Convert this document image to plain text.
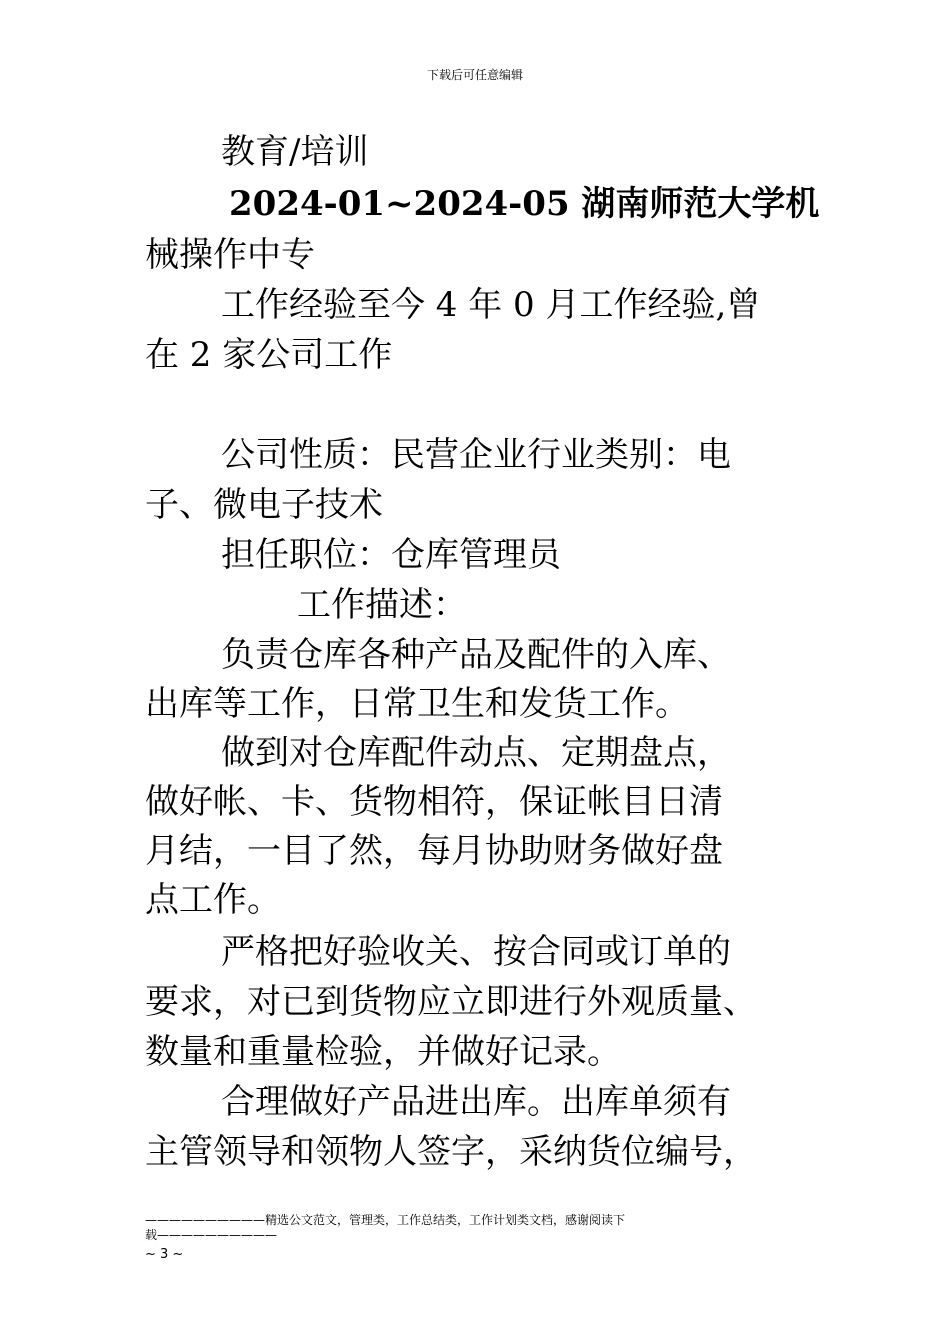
下载后可任意编辑
教育/培训
2024-01~2024-05 湖南师范大学机
械操作中专
工作经验至今 4 年 0 月工作经验,曾
在 2 家公司工作
公司性质：民营企业行业类别：电
子、微电子技术
担任职位：仓库管理员
工作描述：
负责仓库各种产品及配件的入库、
出库等工作，日常卫生和发货工作。
做到对仓库配件动点、定期盘点，
做好帐、卡、货物相符，保证帐目日清
月结，一目了然，每月协助财务做好盘
点工作。
严格把好验收关、按合同或订单的
要求，对已到货物应立即进行外观质量、
数量和重量检验，并做好记录。
合理做好产品进出库。出库单须有
主管领导和领物人签字，采纳货位编号，
——————————精选公文范文，管理类，工作总结类，工作计划类文档，感谢阅读下
载——————————
~ 3 ~
